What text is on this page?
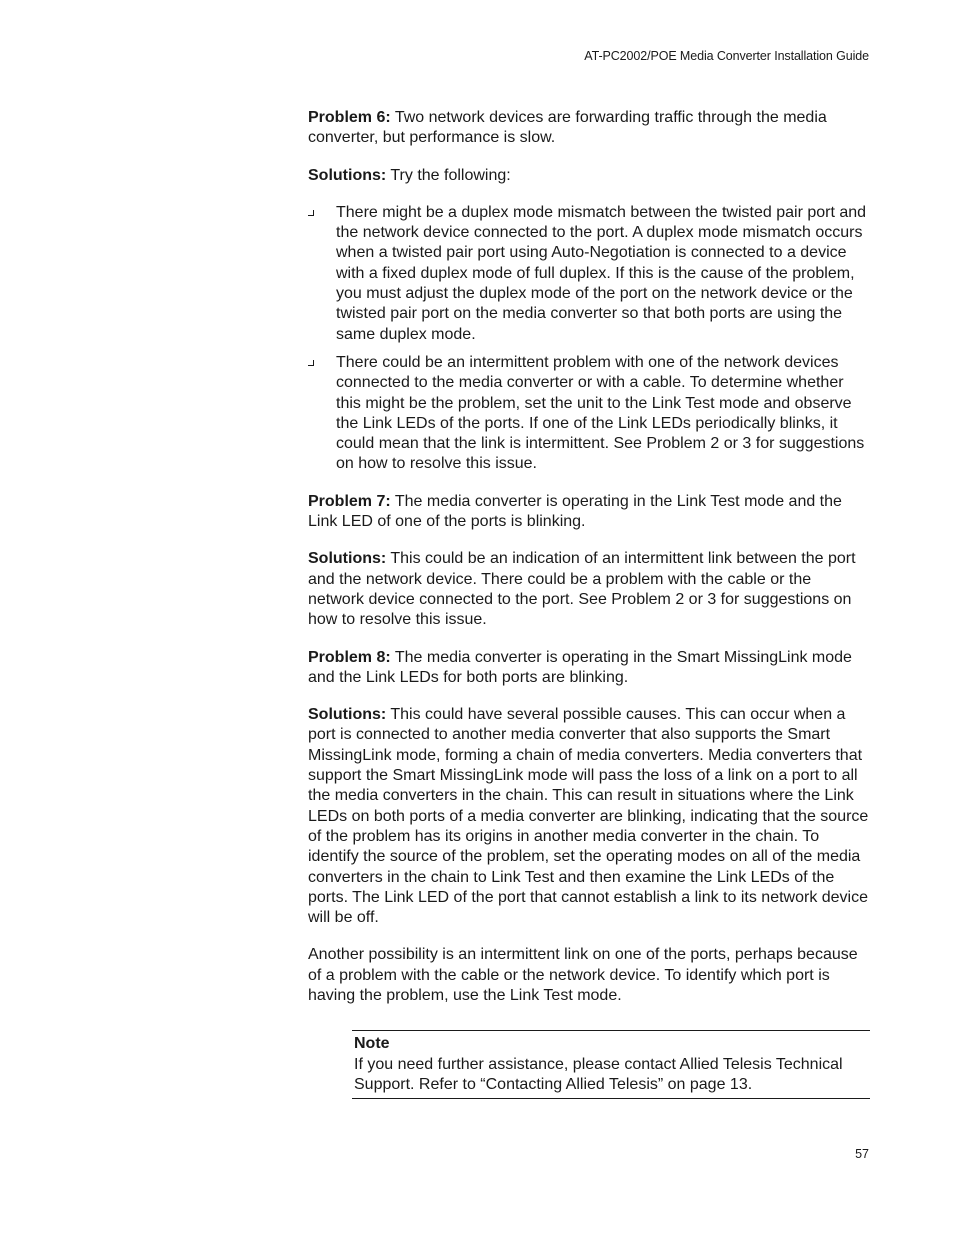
AT-PC2002/POE Media Converter Installation Guide

Problem 6: Two network devices are forwarding traffic through the media converter, but performance is slow.

Solutions: Try the following:

There might be a duplex mode mismatch between the twisted pair port and the network device connected to the port. A duplex mode mismatch occurs when a twisted pair port using Auto-Negotiation is connected to a device with a fixed duplex mode of full duplex. If this is the cause of the problem, you must adjust the duplex mode of the port on the network device or the twisted pair port on the media converter so that both ports are using the same duplex mode.
There could be an intermittent problem with one of the network devices connected to the media converter or with a cable. To determine whether this might be the problem, set the unit to the Link Test mode and observe the Link LEDs of the ports. If one of the Link LEDs periodically blinks, it could mean that the link is intermittent. See Problem 2 or 3 for suggestions on how to resolve this issue.

Problem 7: The media converter is operating in the Link Test mode and the Link LED of one of the ports is blinking.

Solutions: This could be an indication of an intermittent link between the port and the network device. There could be a problem with the cable or the network device connected to the port. See Problem 2 or 3 for suggestions on how to resolve this issue.

Problem 8: The media converter is operating in the Smart MissingLink mode and the Link LEDs for both ports are blinking.

Solutions: This could have several possible causes. This can occur when a port is connected to another media converter that also supports the Smart MissingLink mode, forming a chain of media converters. Media converters that support the Smart MissingLink mode will pass the loss of a link on a port to all the media converters in the chain. This can result in situations where the Link LEDs on both ports of a media converter are blinking, indicating that the source of the problem has its origins in another media converter in the chain. To identify the source of the problem, set the operating modes on all of the media converters in the chain to Link Test and then examine the Link LEDs of the ports. The Link LED of the port that cannot establish a link to its network device will be off.

Another possibility is an intermittent link on one of the ports, perhaps because of a problem with the cable or the network device. To identify which port is having the problem, use the Link Test mode.

Note
If you need further assistance, please contact Allied Telesis Technical Support. Refer to “Contacting Allied Telesis” on page 13.
57
